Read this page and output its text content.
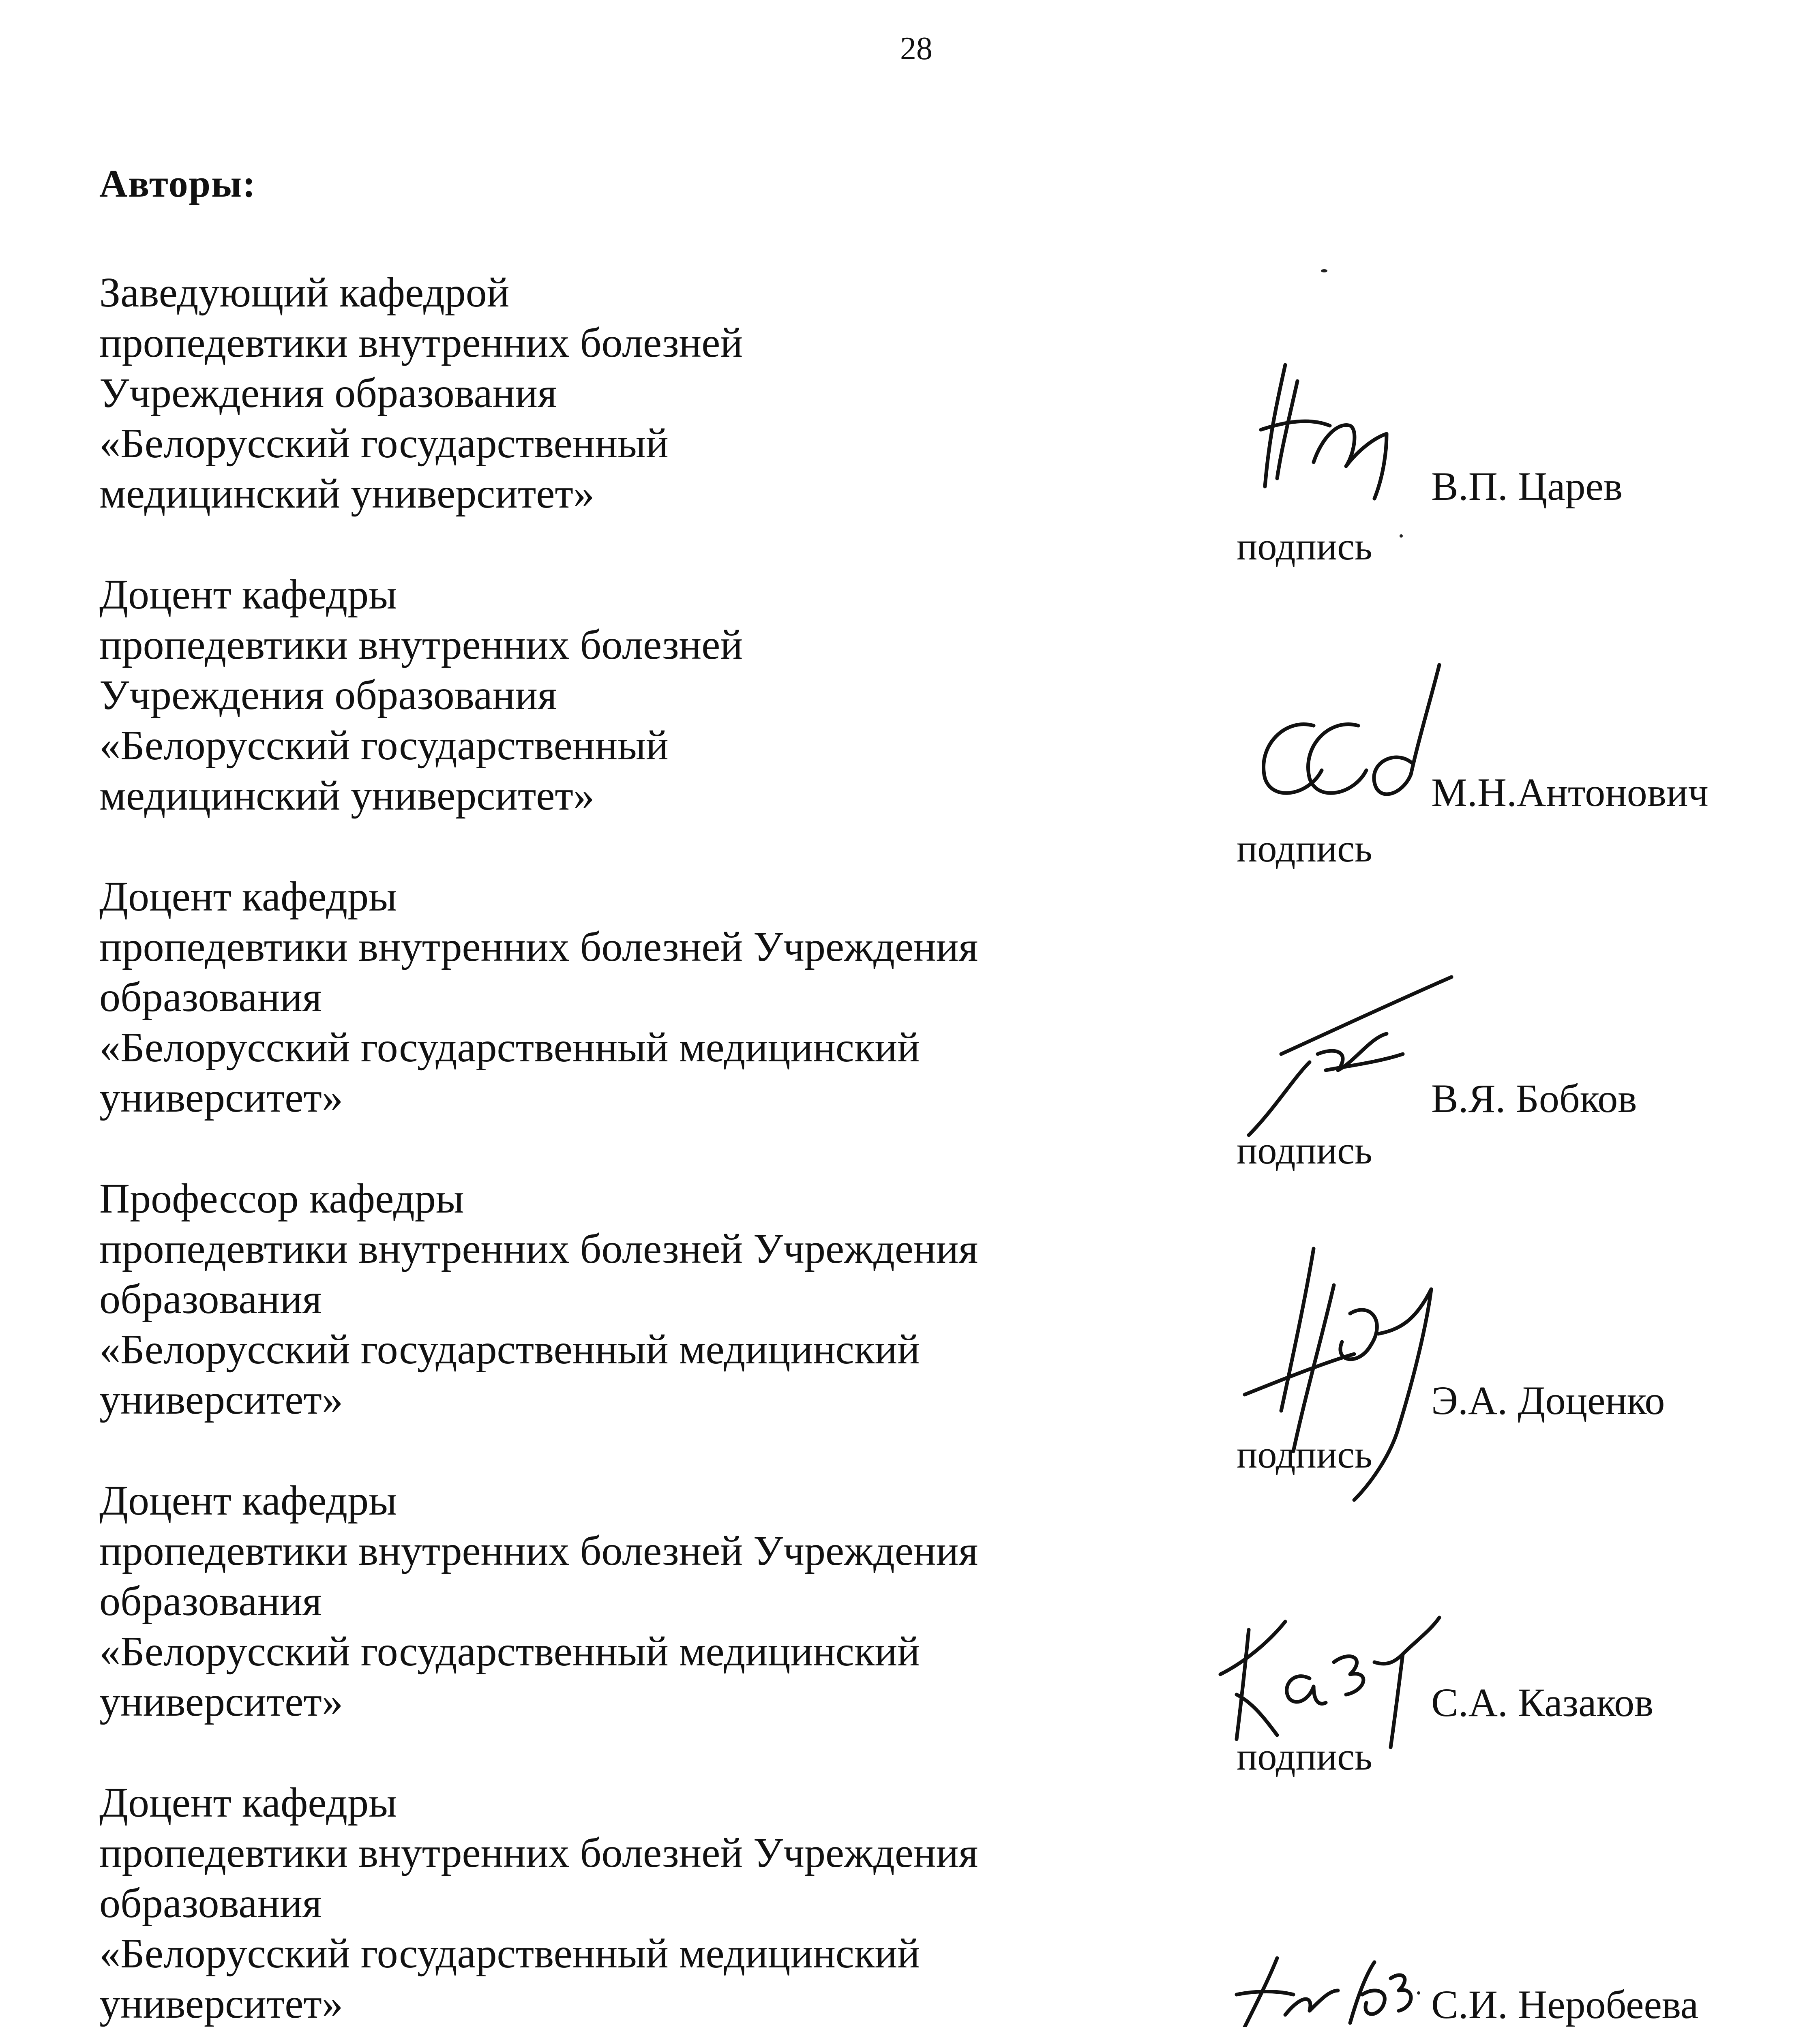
28
Авторы:
Заведующий кафедрой
пропедевтики внутренних болезней
Учреждения образования
«Белорусский государственный
медицинский университет»
подпись
В.П. Царев
Доцент кафедры
пропедевтики внутренних болезней
Учреждения образования
«Белорусский государственный
медицинский университет»
подпись
М.Н.Антонович
Доцент кафедры
пропедевтики внутренних болезней Учреждения
образования
«Белорусский государственный медицинский
университет»
подпись
В.Я. Бобков
Профессор кафедры
пропедевтики внутренних болезней Учреждения
образования
«Белорусский государственный медицинский
университет»
подпись
Э.А. Доценко
Доцент кафедры
пропедевтики внутренних болезней Учреждения
образования
«Белорусский государственный медицинский
университет»
подпись
С.А. Казаков
Доцент кафедры
пропедевтики внутренних болезней Учреждения
образования
«Белорусский государственный медицинский
университет»	С.И. Неробеева
